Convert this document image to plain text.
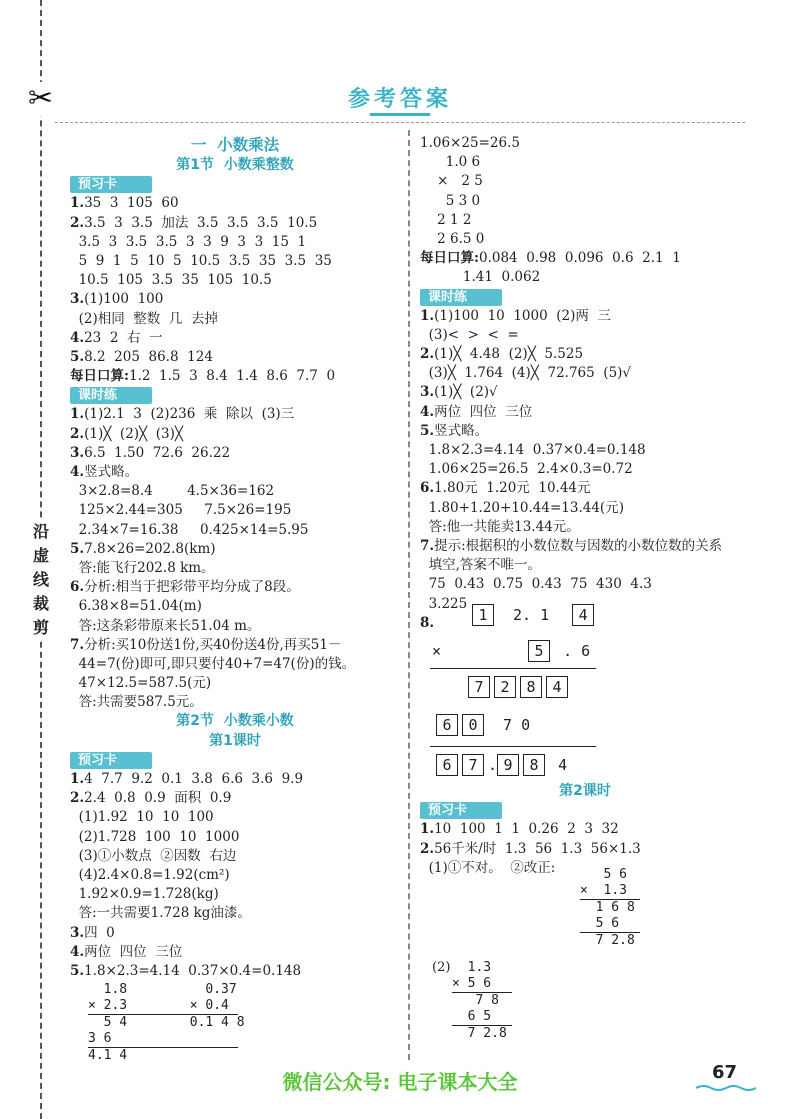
✂
沿
虚
线
裁
剪
参考答案
一  小数乘法
第1节  小数乘整数
预习卡
1.35  3  105  60
2.3.5  3  3.5  加法  3.5  3.5  3.5  10.5
3.5  3  3.5  3.5  3  3  9  3  3  15  1
5  9  1  5  10  5  10.5  3.5  35  3.5  35
10.5  105  3.5  35  105  10.5
3.(1)100  100
(2)相同  整数  几  去掉
4.23  2  右  一
5.8.2  205  86.8  124
每日口算:1.2  1.5  3  8.4  1.4  8.6  7.7  0
课时练
1.(1)2.1  3  (2)236  乘  除以  (3)三
2.(1)╳  (2)╳  (3)╳
3.6.5  1.50  72.6  26.22
4.竖式略。
3×2.8=8.4        4.5×36=162
125×2.44=305     7.5×26=195
2.34×7=16.38     0.425×14=5.95
5.7.8×26=202.8(km)
答:能飞行202.8 km。
6.分析:相当于把彩带平均分成了8段。
6.38×8=51.04(m)
答:这条彩带原来长51.04 m。
7.分析:买10份送1份,买40份送4份,再买51－
44=7(份)即可,即只要付40+7=47(份)的钱。
47×12.5=587.5(元)
答:共需要587.5元。
第2节  小数乘小数
第1课时
预习卡
1.4  7.7  9.2  0.1  3.8  6.6  3.6  9.9
2.2.4  0.8  0.9  面积  0.9
(1)1.92  10  10  100
(2)1.728  100  10  1000
(3)①小数点  ②因数  右边
(4)2.4×0.8=1.92(cm²)
1.92×0.9=1.728(kg)
答:一共需要1.728 kg油漆。
3.四  0
4.两位  四位  三位
5.1.8×2.3=4.14  0.37×0.4=0.148
1.8          0.37
× 2.3        × 0.4
5 4        0.1 4 8
3 6
4.1 4
1.06×25=26.5
1.0 6
×   2 5
5 3 0
2 1 2
2 6.5 0
每日口算:0.084  0.98  0.096  0.6  2.1  1
1.41  0.062
课时练
1.(1)100  10  1000  (2)两  三
(3)<  >  <  =
2.(1)╳  4.48  (2)╳  5.525
(3)╳  1.764  (4)╳  72.765  (5)√
3.(1)╳  (2)√
4.两位  四位  三位
5.竖式略。
1.8×2.3=4.14  0.37×0.4=0.148
1.06×25=26.5  2.4×0.3=0.72
6.1.80元  1.20元  10.44元
1.80+1.20+10.44=13.44(元)
答:他一共能卖13.44元。
7.提示:根据积的小数位数与因数的小数位数的关系
填空,答案不唯一。
75  0.43  0.75  0.43  75  430  4.3
3.225
8.	1 2. 1 4
×	5 . 6
7 2 8 4
6 0 7 0
6 7 . 9 8 4
第2课时
预习卡
1.10  100  1  1  0.26  2  3  32
2.56千米/时  1.3  56  1.3  56×1.3
(1)①不对。  ②改正:	5 6
×  1.3
1 6 8
5 6
7 2.8
(2) 1.3
× 5 6
7 8
6 5
7 2.8
微信公众号: 电子课本大全	67
